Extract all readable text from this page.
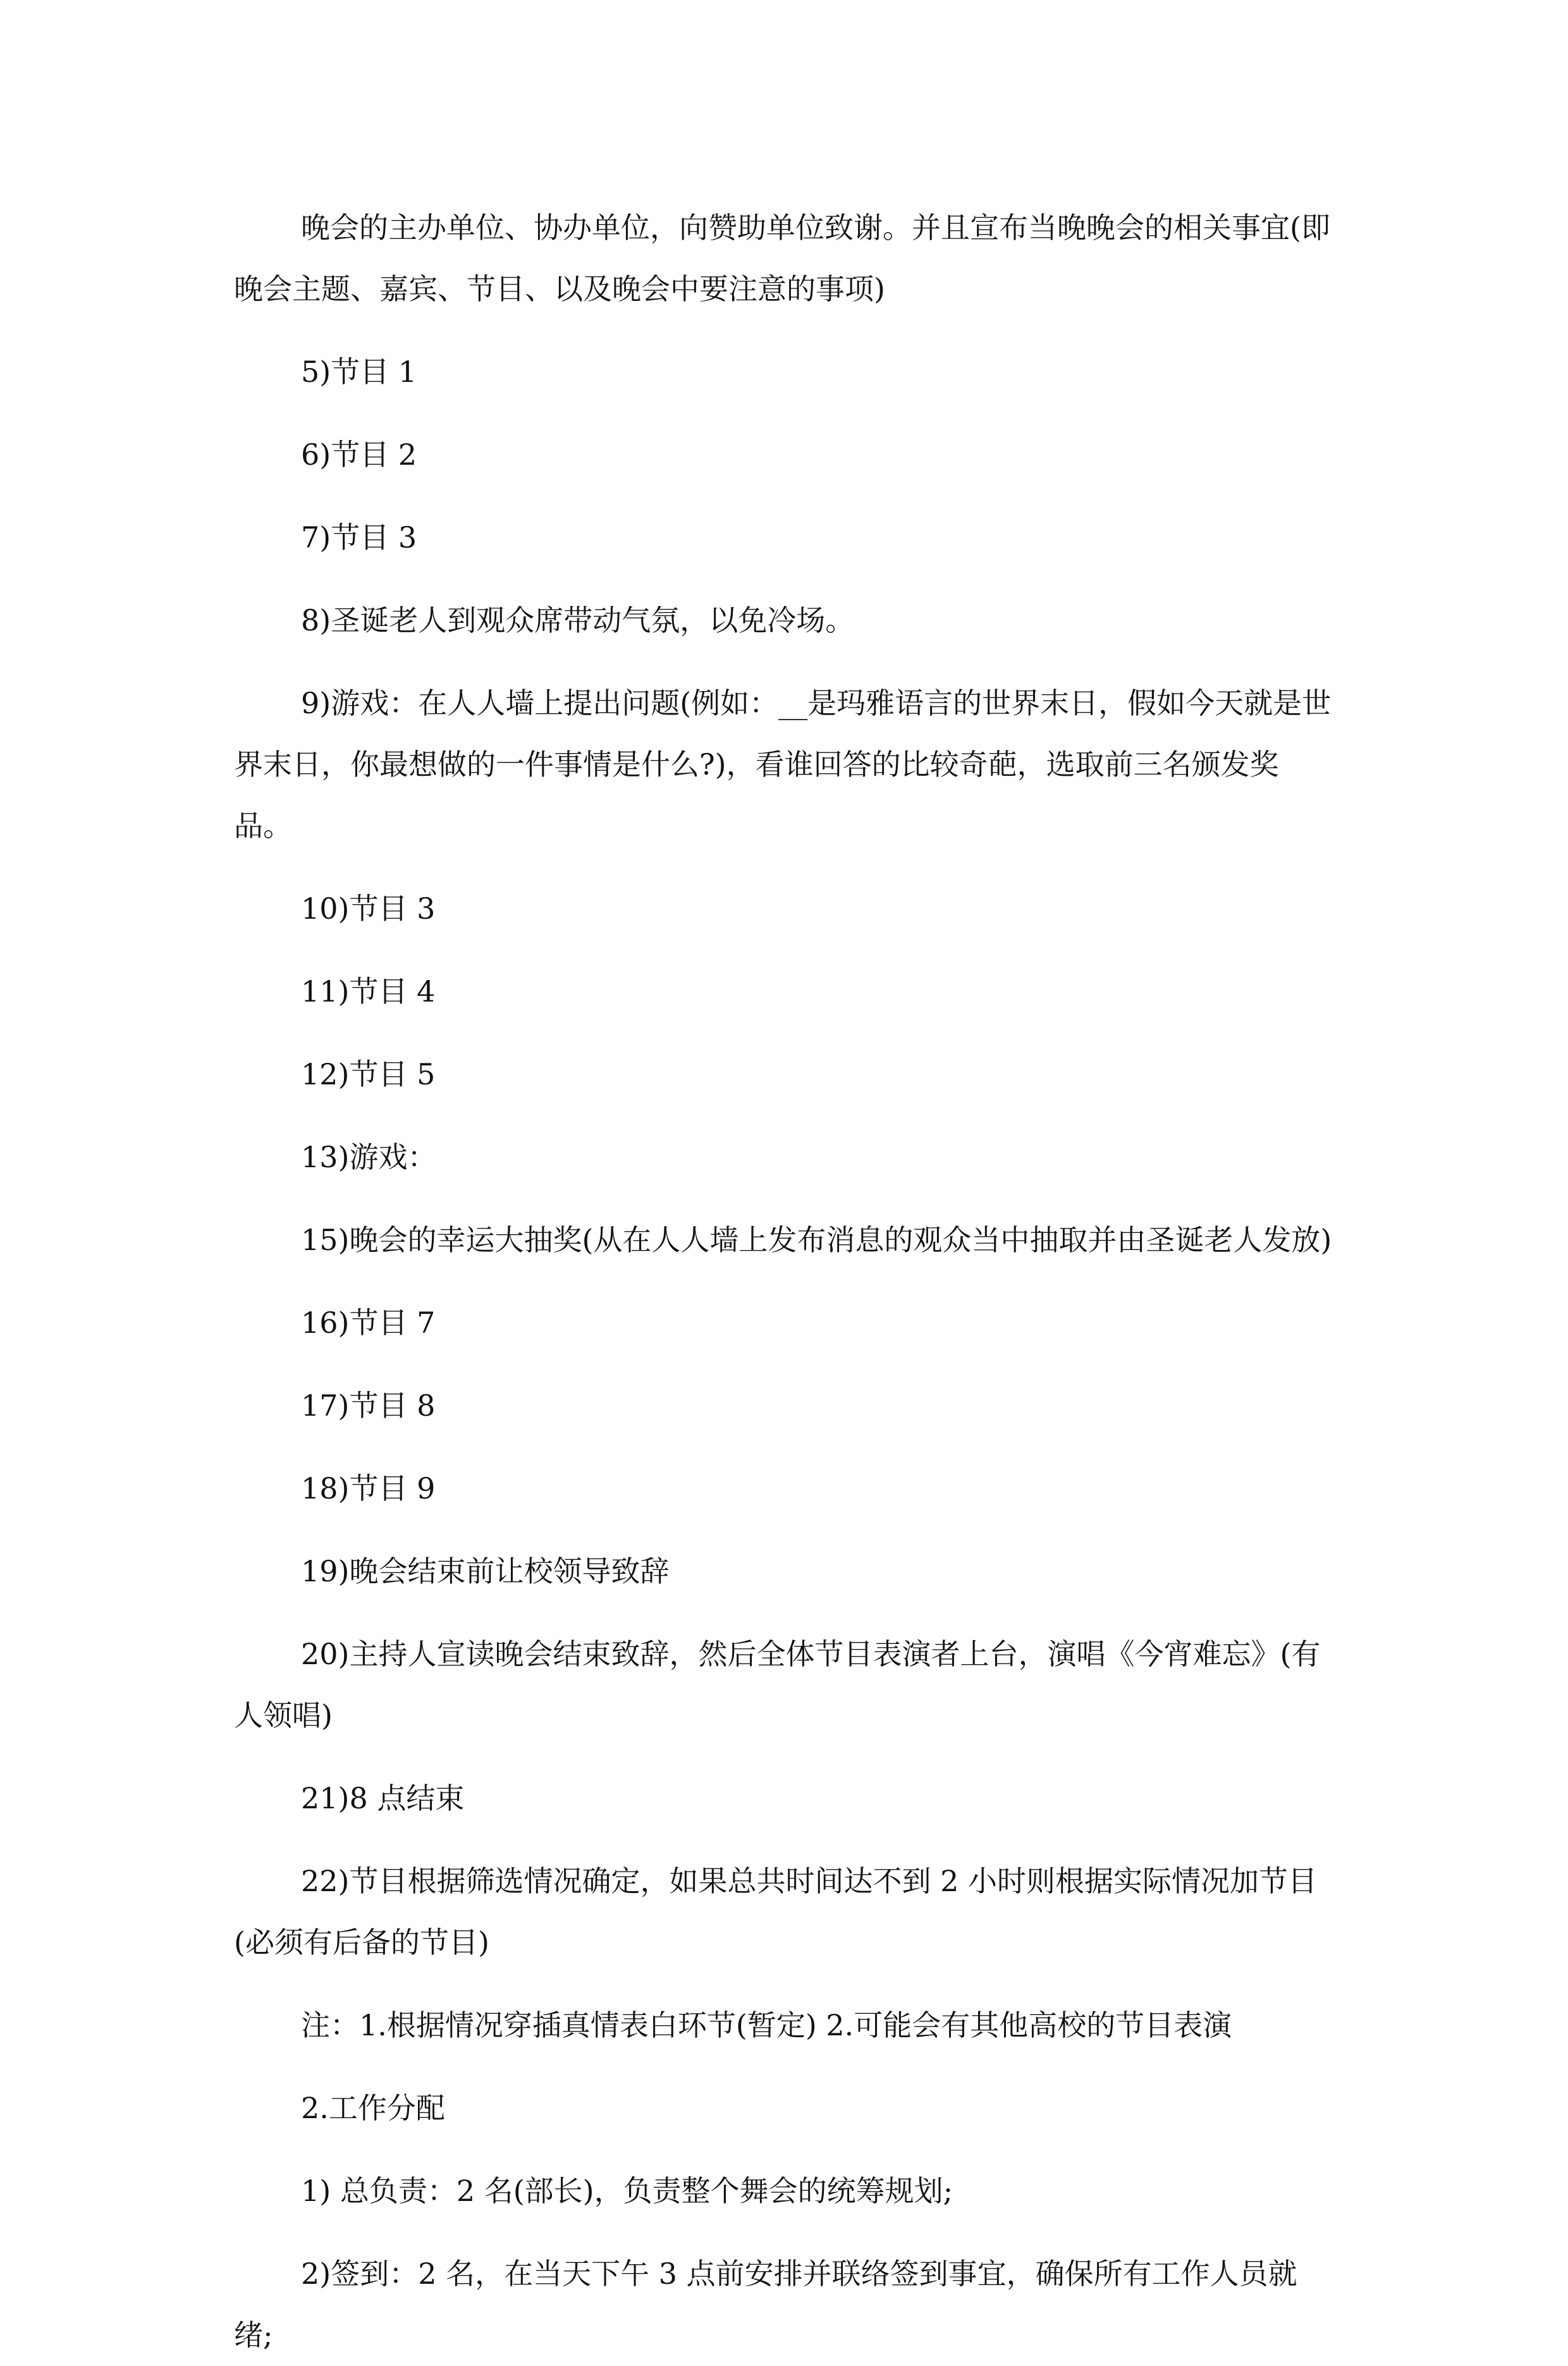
晚会的主办单位、协办单位，向赞助单位致谢。并且宣布当晚晚会的相关事宜(即晚会主题、嘉宾、节目、以及晚会中要注意的事项)

5)节目 1

6)节目 2

7)节目 3

8)圣诞老人到观众席带动气氛，以免冷场。

9)游戏：在人人墙上提出问题(例如：__是玛雅语言的世界末日，假如今天就是世界末日，你最想做的一件事情是什么?)，看谁回答的比较奇葩，选取前三名颁发奖品。

10)节目 3

11)节目 4

12)节目 5

13)游戏：

15)晚会的幸运大抽奖(从在人人墙上发布消息的观众当中抽取并由圣诞老人发放)

16)节目 7

17)节目 8

18)节目 9

19)晚会结束前让校领导致辞

20)主持人宣读晚会结束致辞，然后全体节目表演者上台，演唱《今宵难忘》(有人领唱)

21)8 点结束

22)节目根据筛选情况确定，如果总共时间达不到 2 小时则根据实际情况加节目(必须有后备的节目)

注：1.根据情况穿插真情表白环节(暂定) 2.可能会有其他高校的节目表演

2.工作分配

1) 总负责：2 名(部长)，负责整个舞会的统筹规划;

2)签到：2 名，在当天下午 3 点前安排并联络签到事宜，确保所有工作人员就绪;
